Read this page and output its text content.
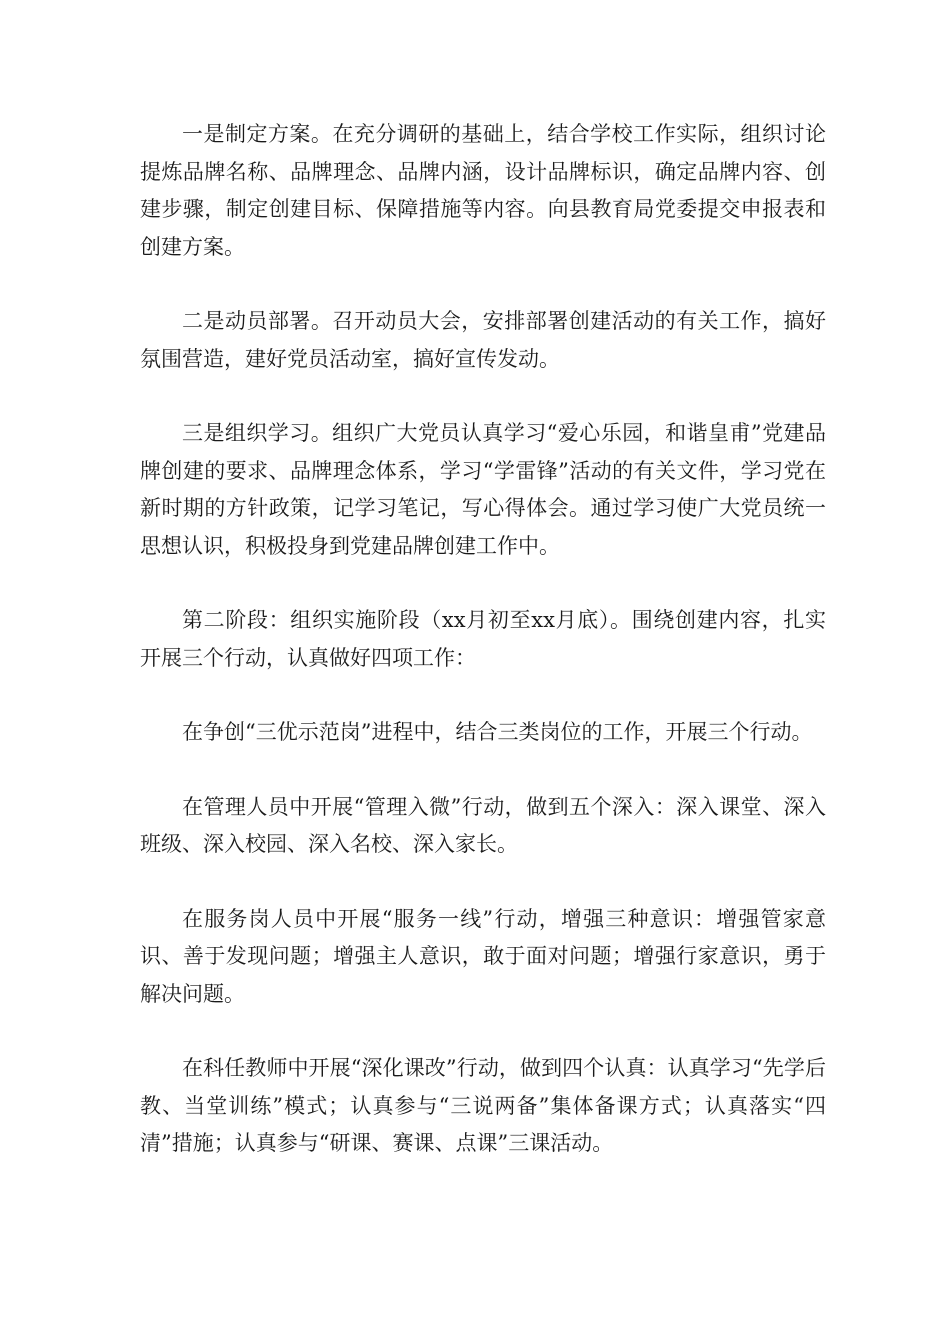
一是制定方案。在充分调研的基础上，结合学校工作实际，组织讨论提炼品牌名称、品牌理念、品牌内涵，设计品牌标识，确定品牌内容、创建步骤，制定创建目标、保障措施等内容。向县教育局党委提交申报表和创建方案。

二是动员部署。召开动员大会，安排部署创建活动的有关工作，搞好氛围营造，建好党员活动室，搞好宣传发动。

三是组织学习。组织广大党员认真学习“爱心乐园，和谐皇甫”党建品牌创建的要求、品牌理念体系，学习“学雷锋”活动的有关文件，学习党在新时期的方针政策，记学习笔记，写心得体会。通过学习使广大党员统一思想认识，积极投身到党建品牌创建工作中。

第二阶段：组织实施阶段（xx月初至xx月底）。围绕创建内容，扎实开展三个行动，认真做好四项工作：

在争创“三优示范岗”进程中，结合三类岗位的工作，开展三个行动。

在管理人员中开展“管理入微”行动，做到五个深入：深入课堂、深入班级、深入校园、深入名校、深入家长。

在服务岗人员中开展“服务一线”行动，增强三种意识：增强管家意识、善于发现问题；增强主人意识，敢于面对问题；增强行家意识，勇于解决问题。

在科任教师中开展“深化课改”行动，做到四个认真：认真学习“先学后教、当堂训练”模式；认真参与“三说两备”集体备课方式；认真落实“四清”措施；认真参与“研课、赛课、点课”三课活动。
